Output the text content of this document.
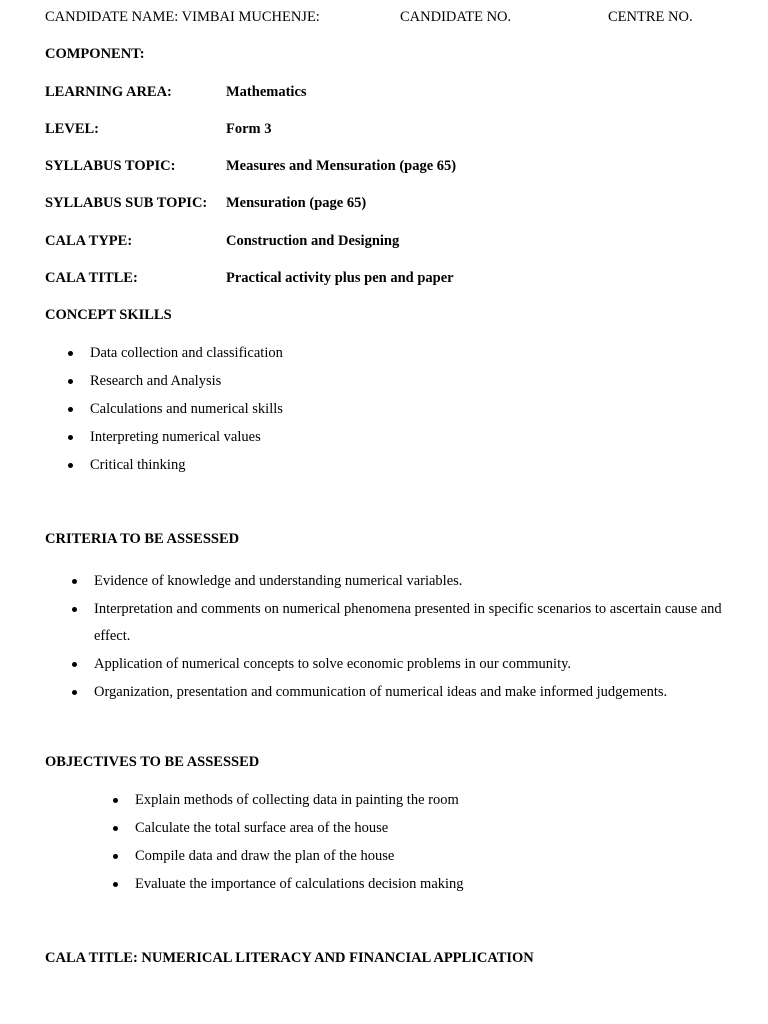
CANDIDATE NAME: VIMBAI MUCHENJE:	CANDIDATE NO.	CENTRE NO.
COMPONENT:
LEARNING AREA:	Mathematics
LEVEL:	Form 3
SYLLABUS TOPIC:	Measures and Mensuration (page 65)
SYLLABUS SUB TOPIC: Mensuration (page 65)
CALA TYPE:	Construction and Designing
CALA TITLE:	Practical activity plus pen and paper
CONCEPT SKILLS
Data collection and classification
Research and Analysis
Calculations and numerical skills
Interpreting numerical values
Critical thinking
CRITERIA TO BE ASSESSED
Evidence of knowledge and understanding numerical variables.
Interpretation and comments on numerical phenomena presented in specific scenarios to ascertain cause and effect.
Application of numerical concepts to solve economic problems in our community.
Organization, presentation and communication of numerical ideas and make informed judgements.
OBJECTIVES TO BE ASSESSED
Explain methods of collecting data in painting the room
Calculate the total surface area of the house
Compile data and draw the plan of the house
Evaluate the importance of calculations decision making
CALA TITLE: NUMERICAL LITERACY AND FINANCIAL APPLICATION
